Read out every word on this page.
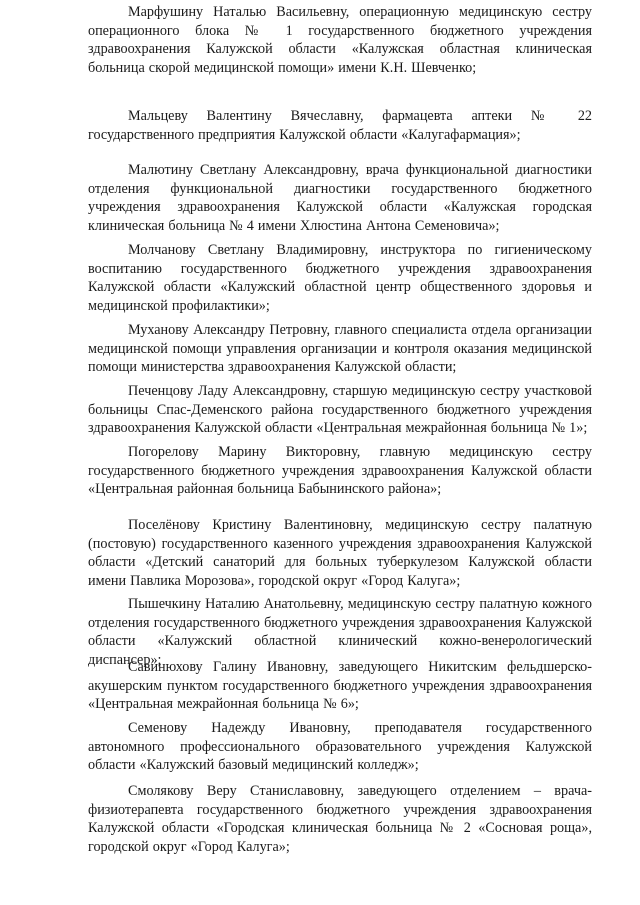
Марфушину Наталью Васильевну, операционную медицинскую сестру операционного блока № 1 государственного бюджетного учреждения здравоохранения Калужской области «Калужская областная клиническая больница скорой медицинской помощи» имени К.Н. Шевченко;

Мальцеву Валентину Вячеславну, фармацевта аптеки № 22 государственного предприятия Калужской области «Калугафармация»;

Малютину Светлану Александровну, врача функциональной диагностики отделения функциональной диагностики государственного бюджетного учреждения здравоохранения Калужской области «Калужская городская клиническая больница № 4 имени Хлюстина Антона Семеновича»;

Молчанову Светлану Владимировну, инструктора по гигиеническому воспитанию государственного бюджетного учреждения здравоохранения Калужской области «Калужский областной центр общественного здоровья и медицинской профилактики»;

Муханову Александру Петровну, главного специалиста отдела организации медицинской помощи управления организации и контроля оказания медицинской помощи министерства здравоохранения Калужской области;

Печенцову Ладу Александровну, старшую медицинскую сестру участковой больницы Спас-Деменского района государственного бюджетного учреждения здравоохранения Калужской области «Центральная межрайонная больница № 1»;

Погорелову Марину Викторовну, главную медицинскую сестру государственного бюджетного учреждения здравоохранения Калужской области «Центральная районная больница Бабынинского района»;

Поселёнову Кристину Валентиновну, медицинскую сестру палатную (постовую) государственного казенного учреждения здравоохранения Калужской области «Детский санаторий для больных туберкулезом Калужской области имени Павлика Морозова», городской округ «Город Калуга»;

Пышечкину Наталию Анатольевну, медицинскую сестру палатную кожного отделения государственного бюджетного учреждения здравоохранения Калужской области «Калужский областной клинический кожно-венерологический диспансер»;

Савинюхову Галину Ивановну, заведующего Никитским фельдшерско-акушерским пунктом государственного бюджетного учреждения здравоохранения «Центральная межрайонная больница № 6»;

Семенову Надежду Ивановну, преподавателя государственного автономного профессионального образовательного учреждения Калужской области «Калужский базовый медицинский колледж»;

Смолякову Веру Станиславовну, заведующего отделением – врача-физиотерапевта государственного бюджетного учреждения здравоохранения Калужской области «Городская клиническая больница № 2 «Сосновая роща», городской округ «Город Калуга»;
